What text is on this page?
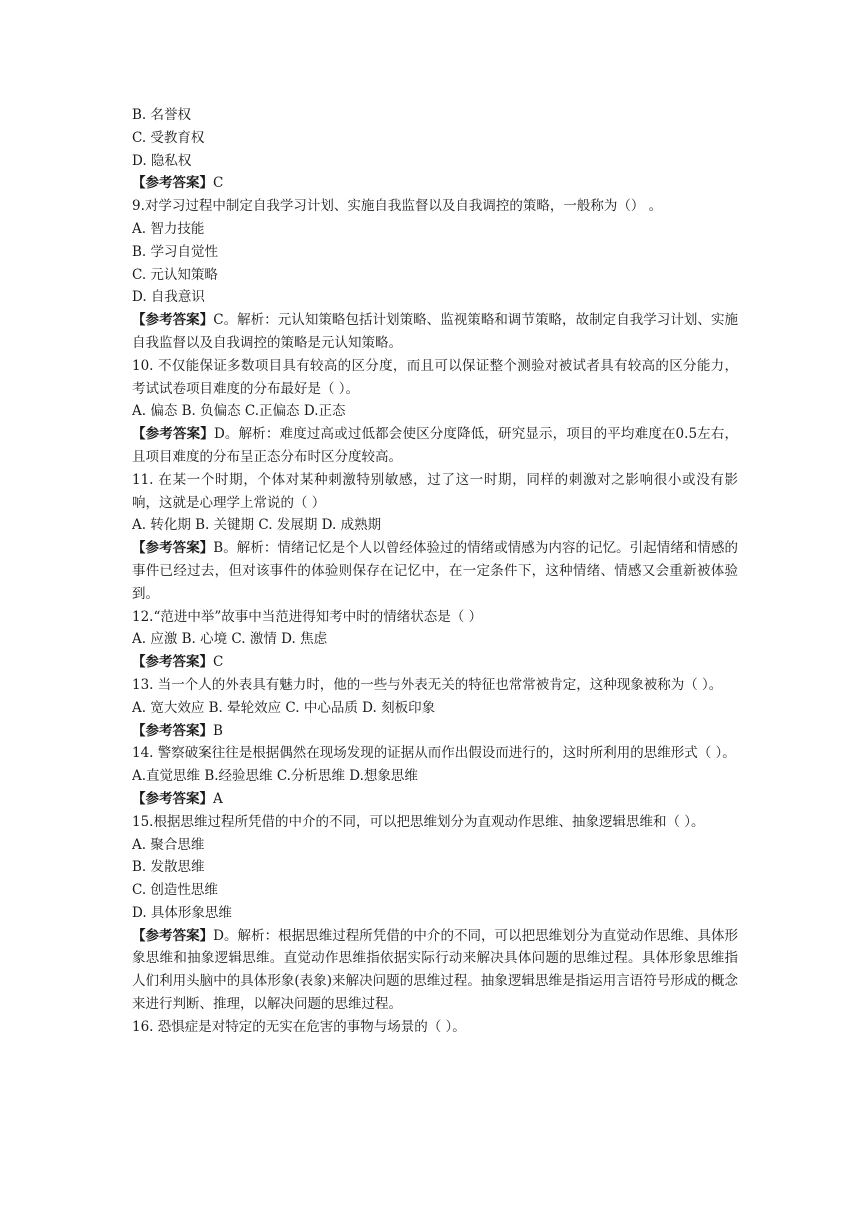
B. 名誉权
C. 受教育权
D. 隐私权
【参考答案】C
9.对学习过程中制定自我学习计划、实施自我监督以及自我调控的策略，一般称为（） 。
A. 智力技能
B. 学习自觉性
C. 元认知策略
D. 自我意识
【参考答案】C。解析：元认知策略包括计划策略、监视策略和调节策略，故制定自我学习计划、实施自我监督以及自我调控的策略是元认知策略。
10. 不仅能保证多数项目具有较高的区分度，而且可以保证整个测验对被试者具有较高的区分能力，考试试卷项目难度的分布最好是（ ）。
A. 偏态 B. 负偏态 C.正偏态 D.正态
【参考答案】D。解析：难度过高或过低都会使区分度降低，研究显示，项目的平均难度在0.5左右，且项目难度的分布呈正态分布时区分度较高。
11. 在某一个时期，个体对某种刺激特别敏感，过了这一时期，同样的刺激对之影响很小或没有影响，这就是心理学上常说的（ ）
A. 转化期 B. 关键期 C. 发展期 D. 成熟期
【参考答案】B。解析：情绪记忆是个人以曾经体验过的情绪或情感为内容的记忆。引起情绪和情感的事件已经过去，但对该事件的体验则保存在记忆中，在一定条件下，这种情绪、情感又会重新被体验到。
12.“范进中举”故事中当范进得知考中时的情绪状态是（ ）
A. 应激 B. 心境 C. 激情 D. 焦虑
【参考答案】C
13. 当一个人的外表具有魅力时，他的一些与外表无关的特征也常常被肯定，这种现象被称为（ ）。
A. 宽大效应 B. 晕轮效应 C. 中心品质 D. 刻板印象
【参考答案】B
14. 警察破案往往是根据偶然在现场发现的证据从而作出假设而进行的，这时所利用的思维形式（ ）。
A.直觉思维 B.经验思维 C.分析思维 D.想象思维
【参考答案】A
15.根据思维过程所凭借的中介的不同，可以把思维划分为直观动作思维、抽象逻辑思维和（ ）。
A. 聚合思维
B. 发散思维
C. 创造性思维
D. 具体形象思维
【参考答案】D。解析：根据思维过程所凭借的中介的不同，可以把思维划分为直觉动作思维、具体形象思维和抽象逻辑思维。直觉动作思维指依据实际行动来解决具体问题的思维过程。具体形象思维指人们利用头脑中的具体形象(表象)来解决问题的思维过程。抽象逻辑思维是指运用言语符号形成的概念来进行判断、推理，以解决问题的思维过程。
16. 恐惧症是对特定的无实在危害的事物与场景的（ ）。
